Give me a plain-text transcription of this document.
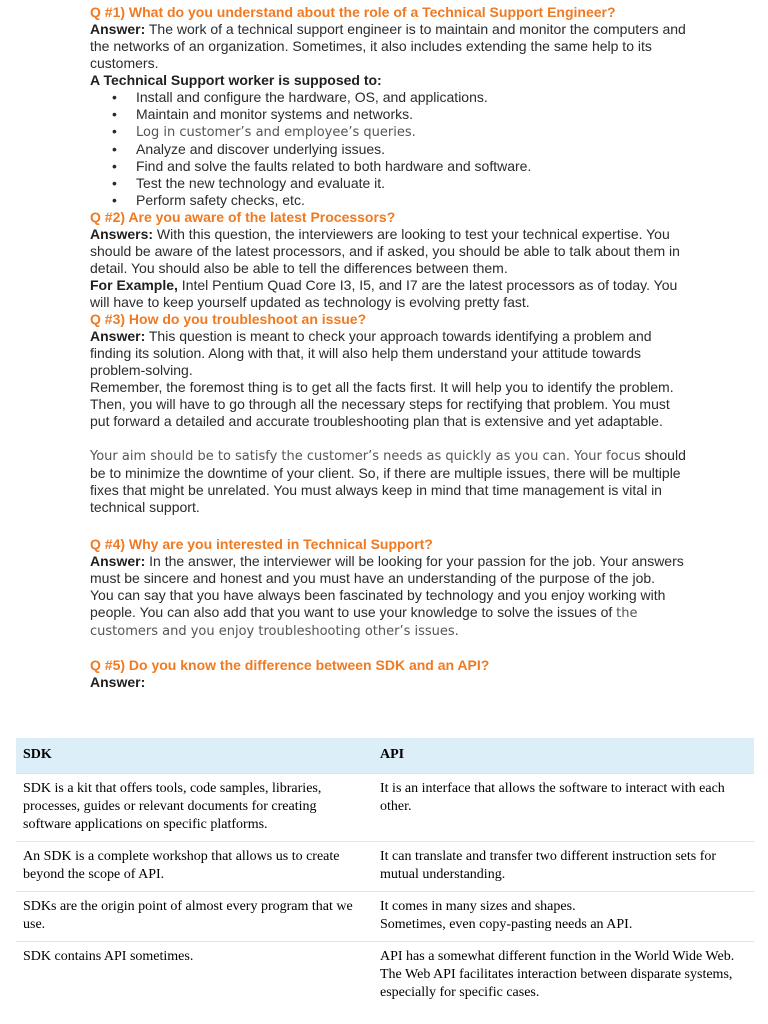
Q #1) What do you understand about the role of a Technical Support Engineer?

Answer: The work of a technical support engineer is to maintain and monitor the computers and the networks of an organization. Sometimes, it also includes extending the same help to its customers.

A Technical Support worker is supposed to:

• Install and configure the hardware, OS, and applications.
• Maintain and monitor systems and networks.
• Log in customer’s and employee’s queries.
• Analyze and discover underlying issues.
• Find and solve the faults related to both hardware and software.
• Test the new technology and evaluate it.
• Perform safety checks, etc.

Q #2) Are you aware of the latest Processors?

Answers: With this question, the interviewers are looking to test your technical expertise. You should be aware of the latest processors, and if asked, you should be able to talk about them in detail. You should also be able to tell the differences between them.

For Example, Intel Pentium Quad Core I3, I5, and I7 are the latest processors as of today. You will have to keep yourself updated as technology is evolving pretty fast.

Q #3) How do you troubleshoot an issue?

Answer: This question is meant to check your approach towards identifying a problem and finding its solution. Along with that, it will also help them understand your attitude towards problem-solving.

Remember, the foremost thing is to get all the facts first. It will help you to identify the problem. Then, you will have to go through all the necessary steps for rectifying that problem. You must put forward a detailed and accurate troubleshooting plan that is extensive and yet adaptable.

Your aim should be to satisfy the customer’s needs as quickly as you can. Your focus should be to minimize the downtime of your client. So, if there are multiple issues, there will be multiple fixes that might be unrelated. You must always keep in mind that time management is vital in technical support.

Q #4) Why are you interested in Technical Support?

Answer: In the answer, the interviewer will be looking for your passion for the job. Your answers must be sincere and honest and you must have an understanding of the purpose of the job.

You can say that you have always been fascinated by technology and you enjoy working with people. You can also add that you want to use your knowledge to solve the issues of the customers and you enjoy troubleshooting other’s issues.

Q #5) Do you know the difference between SDK and an API?

Answer:

SDK	API
SDK is a kit that offers tools, code samples, libraries, processes, guides or relevant documents for creating software applications on specific platforms.	It is an interface that allows the software to interact with each other.
An SDK is a complete workshop that allows us to create beyond the scope of API.	It can translate and transfer two different instruction sets for mutual understanding.
SDKs are the origin point of almost every program that we use.	It comes in many sizes and shapes.
Sometimes, even copy-pasting needs an API.

SDK contains API sometimes.	API has a somewhat different function in the World Wide Web. The Web API facilitates interaction between disparate systems, especially for specific cases.
